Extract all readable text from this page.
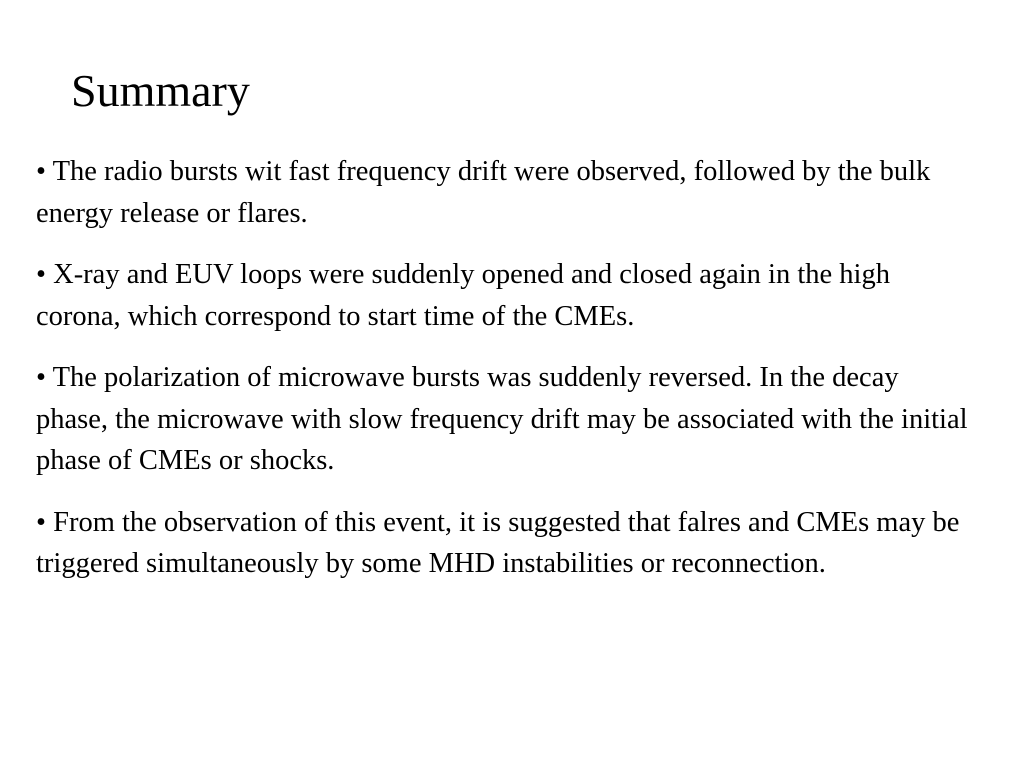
Summary
• The radio bursts wit fast frequency drift were observed, followed by the bulk energy release or flares.
• X-ray and EUV loops were suddenly opened and closed again in the high corona, which correspond to start time of the CMEs.
• The polarization of microwave bursts was suddenly reversed. In the decay phase, the microwave with slow frequency drift may be associated with the initial phase of CMEs or shocks.
• From the observation of this event, it is suggested that falres and CMEs may be triggered simultaneously by some MHD instabilities or reconnection.
